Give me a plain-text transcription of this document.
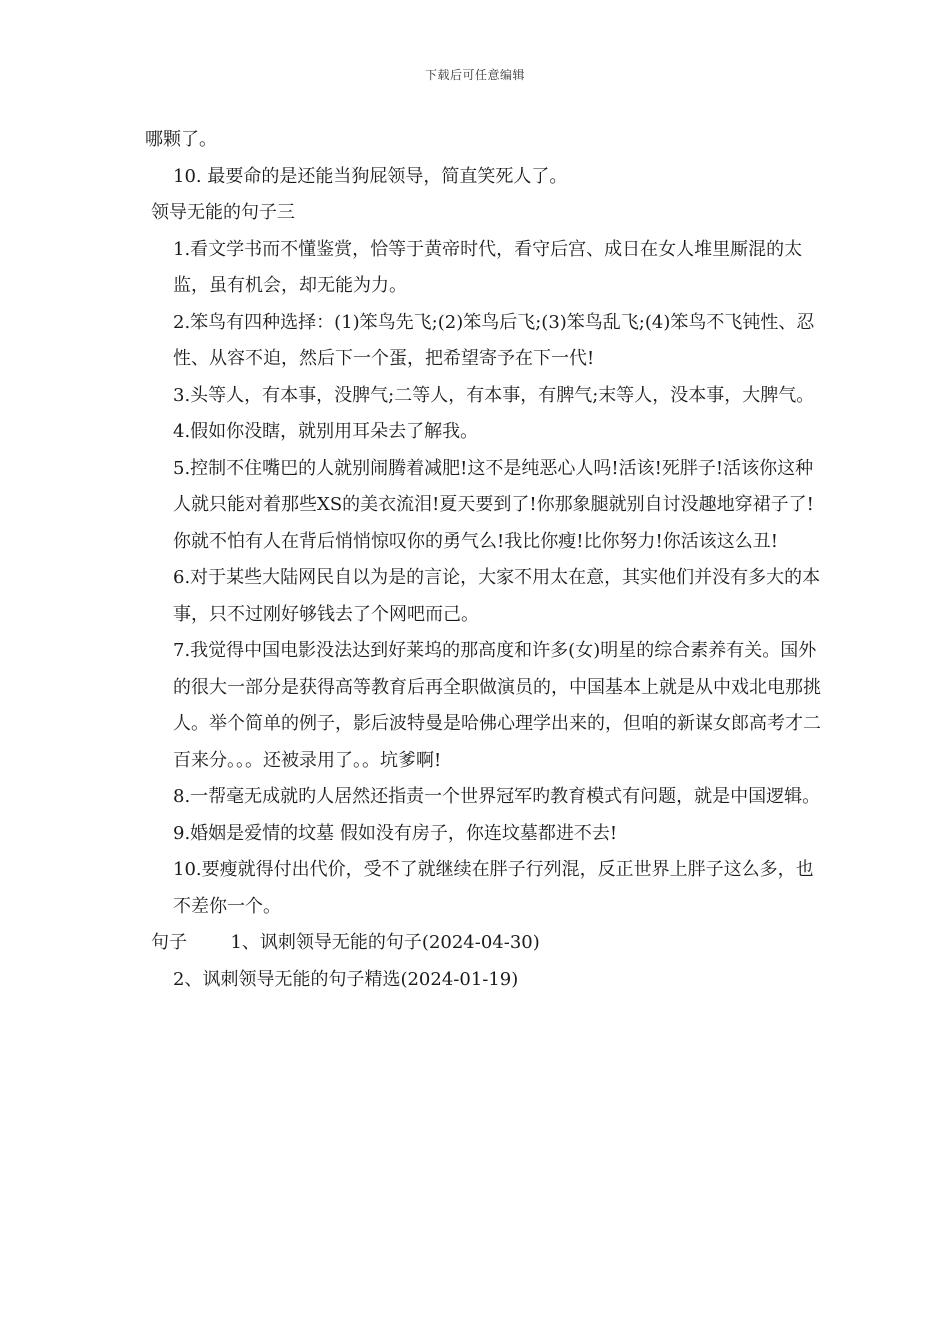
下载后可任意编辑

哪颗了。

10. 最要命的是还能当狗屁领导，简直笑死人了。

领导无能的句子三

1.看文学书而不懂鉴赏，恰等于黄帝时代，看守后宫、成日在女人堆里厮混的太监，虽有机会，却无能为力。

2.笨鸟有四种选择：(1)笨鸟先飞;(2)笨鸟后飞;(3)笨鸟乱飞;(4)笨鸟不飞钝性、忍性、从容不迫，然后下一个蛋，把希望寄予在下一代!

3.头等人，有本事，没脾气;二等人，有本事，有脾气;末等人，没本事，大脾气。

4.假如你没瞎，就别用耳朵去了解我。

5.控制不住嘴巴的人就别闹腾着减肥!这不是纯恶心人吗!活该!死胖子!活该你这种人就只能对着那些XS的美衣流泪!夏天要到了!你那象腿就别自讨没趣地穿裙子了!你就不怕有人在背后悄悄惊叹你的勇气么!我比你瘦!比你努力!你活该这么丑!

6.对于某些大陆网民自以为是的言论，大家不用太在意，其实他们并没有多大的本事，只不过刚好够钱去了个网吧而己。

7.我觉得中国电影没法达到好莱坞的那高度和许多(女)明星的综合素养有关。国外的很大一部分是获得高等教育后再全职做演员的，中国基本上就是从中戏北电那挑人。举个简单的例子，影后波特曼是哈佛心理学出来的，但咱的新谋女郎高考才二百来分。。。还被录用了。。坑爹啊!

8.一帮毫无成就旳人居然还指责一个世界冠军旳教育模式有问题，就是中国逻辑。

9.婚姻是爱情的坟墓 假如没有房子，你连坟墓都进不去!

10.要瘦就得付出代价，受不了就继续在胖子行列混，反正世界上胖子这么多，也不差你一个。

句子 1、讽刺领导无能的句子(2024-04-30)

2、讽刺领导无能的句子精选(2024-01-19)
